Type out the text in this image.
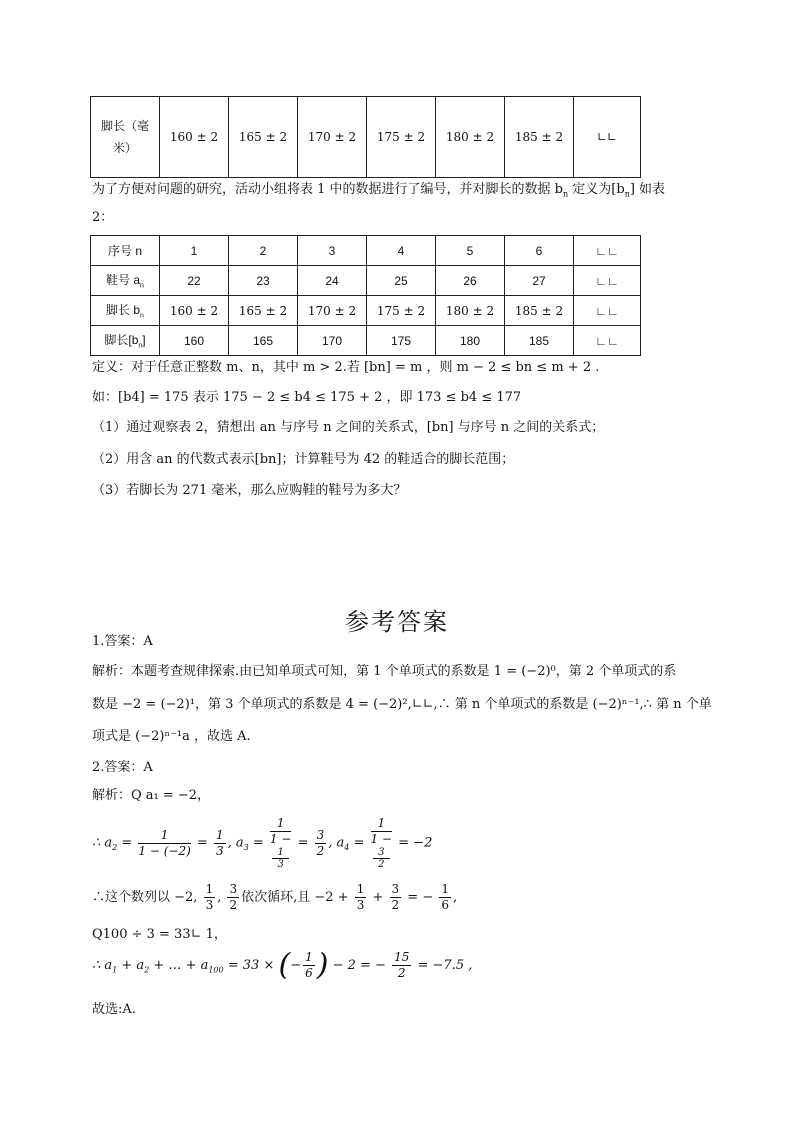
脚长（毫米）	160 ± 2	165 ± 2	170 ± 2	175 ± 2	180 ± 2	185 ± 2	∟∟
为了方便对问题的研究，活动小组将表 1 中的数据进行了编号，并对脚长的数据 $b_n$ 定义为$[b_n]$ 如表
2：
序号 n	1	2	3	4	5	6	∟∟
鞋号 $a_n$	22	23	24	25	26	27	∟∟
脚长 $b_n$	160 ± 2	165 ± 2	170 ± 2	175 ± 2	180 ± 2	185 ± 2	∟∟
脚长$[b_n]$	160	165	170	175	180	185	∟∟
定义：对于任意正整数 m、n，其中 m > 2.若 [bn] = m ，则 m − 2 ≤ bn ≤ m + 2 .
如：[b4] = 175 表示 175 − 2 ≤ b4 ≤ 175 + 2 ，即 173 ≤ b4 ≤ 177
（1）通过观察表 2，猜想出 an 与序号 n 之间的关系式，[bn] 与序号 n 之间的关系式；
（2）用含 an 的代数式表示[bn]；计算鞋号为 42 的鞋适合的脚长范围；
（3）若脚长为 271 毫米，那么应购鞋的鞋号为多大？
参考答案
1.答案：A
解析：本题考查规律探索.由已知单项式可知，第 1 个单项式的系数是 1 = (−2)⁰，第 2 个单项式的系
数是 −2 = (−2)¹，第 3 个单项式的系数是 4 = (−2)²,∟∟,∴ 第 n 个单项式的系数是 (−2)ⁿ⁻¹,∴ 第 n 个单
项式是 (−2)ⁿ⁻¹a ，故选 A.
2.答案：A
解析：Q a₁ = −2，
∴ $a_2 = \frac{1}{1 - (-2)} = \frac{1}{3}$ , $a_3 = 1$
1 −
1
$3 = \frac{3}{2}$ , $a_4 = 1$
1 −
3
2 = −2
∴这个数列以 −2, $\frac{1}{3}$ , $\frac{3}{2}$ 依次循环,且 $-2 + \frac{1}{3} + \frac{3}{2}$ = − $\frac{1}{6}$ ,
Q100 ÷ 3 = 33∟ 1，
∴ $a_1 + a_2$ + … + $a_{100} = 33$ × (− $\frac{1}{6}$ ) − 2 = − $\frac{15}{2} = -7.5$ ,
故选:A.
